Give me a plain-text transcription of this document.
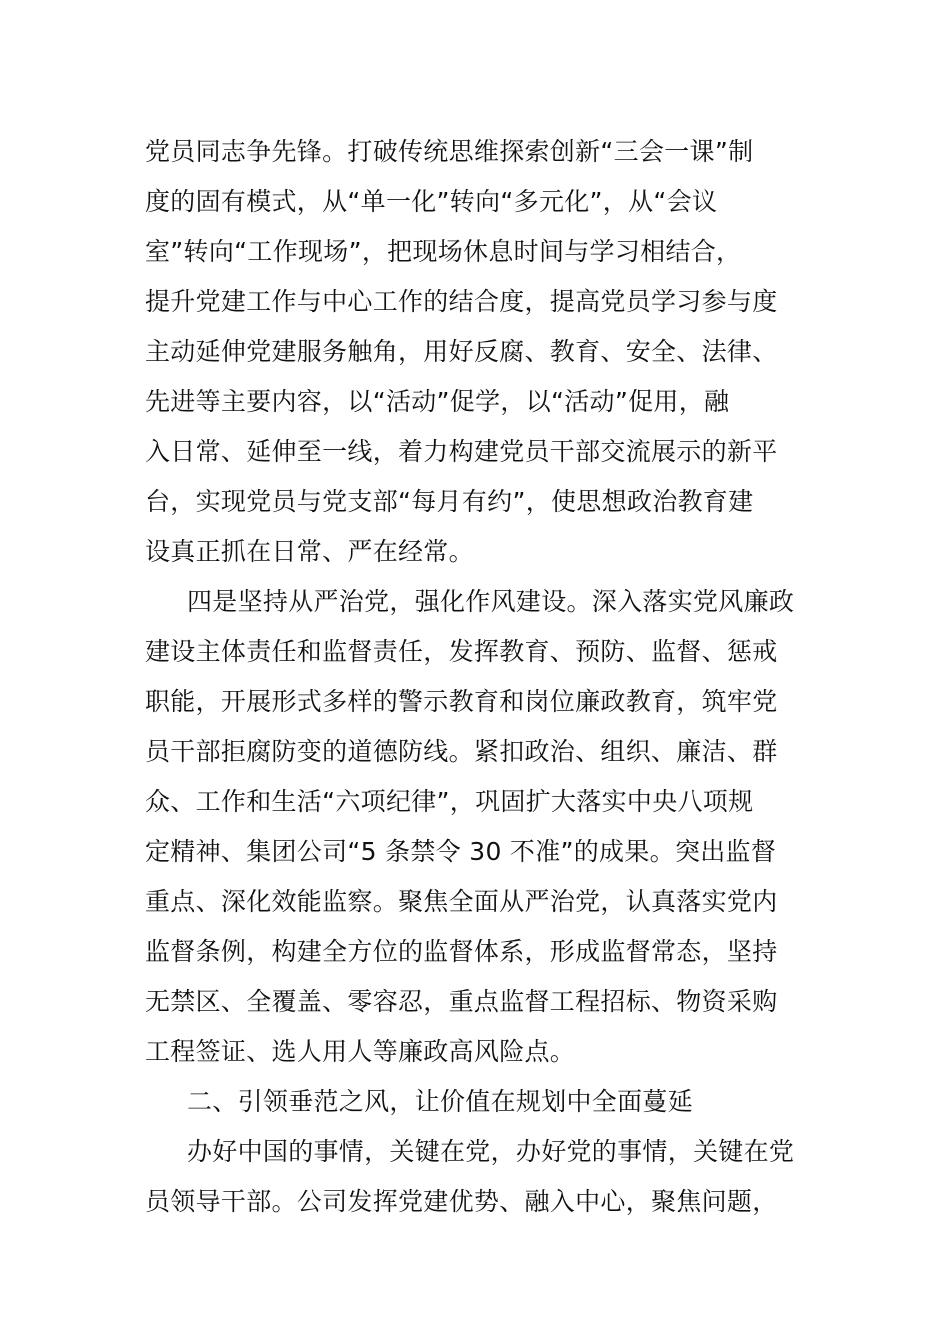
党员同志争先锋。打破传统思维探索创新“三会一课”制
度的固有模式，从“单一化”转向“多元化”，从“会议
室”转向“工作现场”，把现场休息时间与学习相结合，
提升党建工作与中心工作的结合度，提高党员学习参与度
主动延伸党建服务触角，用好反腐、教育、安全、法律、
先进等主要内容，以“活动”促学，以“活动”促用，融
入日常、延伸至一线，着力构建党员干部交流展示的新平
台，实现党员与党支部“每月有约”，使思想政治教育建
设真正抓在日常、严在经常。
四是坚持从严治党，强化作风建设。深入落实党风廉政
建设主体责任和监督责任，发挥教育、预防、监督、惩戒
职能，开展形式多样的警示教育和岗位廉政教育，筑牢党
员干部拒腐防变的道德防线。紧扣政治、组织、廉洁、群
众、工作和生活“六项纪律”，巩固扩大落实中央八项规
定精神、集团公司“5 条禁令 30 不准”的成果。突出监督
重点、深化效能监察。聚焦全面从严治党，认真落实党内
监督条例，构建全方位的监督体系，形成监督常态，坚持
无禁区、全覆盖、零容忍，重点监督工程招标、物资采购
工程签证、选人用人等廉政高风险点。
二、引领垂范之风，让价值在规划中全面蔓延
办好中国的事情，关键在党，办好党的事情，关键在党
员领导干部。公司发挥党建优势、融入中心，聚焦问题，
